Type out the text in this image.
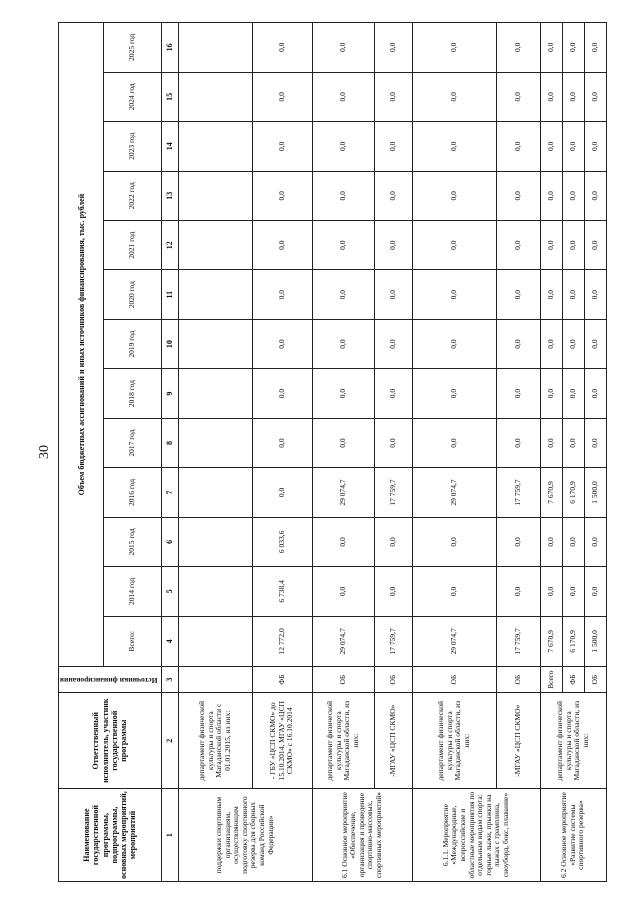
30
Наименование государственной программы, подпрограммы, основных мероприятий, мероприятий	Ответственный исполнитель, участник государственной программы	Источники финансирования	Объем бюджетных ассигнований и иных источников финансирования, тыс. рублей												
			Всего:	2014 год	2015 год	2016 год	2017 год	2018 год	2019 год	2020 год	2021 год	2022 год	2023 год	2024 год	2025 год
1	2	3	4	5	6	7	8	9	10	11	12	13	14	15	16
поддержки спортивным организациям, осуществляющим подготовку спортивного резерва для сборных команд Российской Федерации»	департамент физической культуры и спорта Магаданской области с 01.01.2015, из них:														
	- ГБУ «ЦСП СКМО» до 15.10.2014, МГАУ «ЦСП СКМО» с 16.10.2014	ФБ	12 772,0	6 738,4	6 033,6	0,0	0,0	0,0	0,0	0,0	0,0	0,0	0,0	0,0	0,0
6.1 Основное мероприятие «Обеспечение, организация и проведение спортивно-массовых, спортивных мероприятий»	департамент физической культуры и спорта Магаданской области, из них:	ОБ	29 074,7	0,0	0,0	29 074,7	0,0	0,0	0,0	0,0	0,0	0,0	0,0	0,0	0,0
	-МГАУ «ЦСП СКМО»	ОБ	17 759,7	0,0	0,0	17 759,7	0,0	0,0	0,0	0,0	0,0	0,0	0,0	0,0	0,0
6.1.1. Мероприятие «Международные, всероссийские и областные мероприятия по отдельным видам спорта: горные лыжи, прыжки на лыжах с трамплина, сноуборд, бокс, плавание»	департамент физической культуры и спорта Магаданской области, из них:	ОБ	29 074,7	0,0	0,0	29 074,7	0,0	0,0	0,0	0,0	0,0	0,0	0,0	0,0	0,0
	-МГАУ «ЦСП СКМО»	ОБ	17 759,7	0,0	0,0	17 759,7	0,0	0,0	0,0	0,0	0,0	0,0	0,0	0,0	0,0
6.2 Основное мероприятие «Развитие системы спортивного резерва»	департамент физической культуры и спорта Магаданской области, из них:	Всего	7 670,9	0,0	0,0	7 670,9	0,0	0,0	0,0	0,0	0,0	0,0	0,0	0,0	0,0
		ФБ	6 170,9	0,0	0,0	6 170,9	0,0	0,0	0,0	0,0	0,0	0,0	0,0	0,0	0,0
		ОБ	1 500,0	0,0	0,0	1 500,0	0,0	0,0	0,0	0,0	0,0	0,0	0,0	0,0	0,0
